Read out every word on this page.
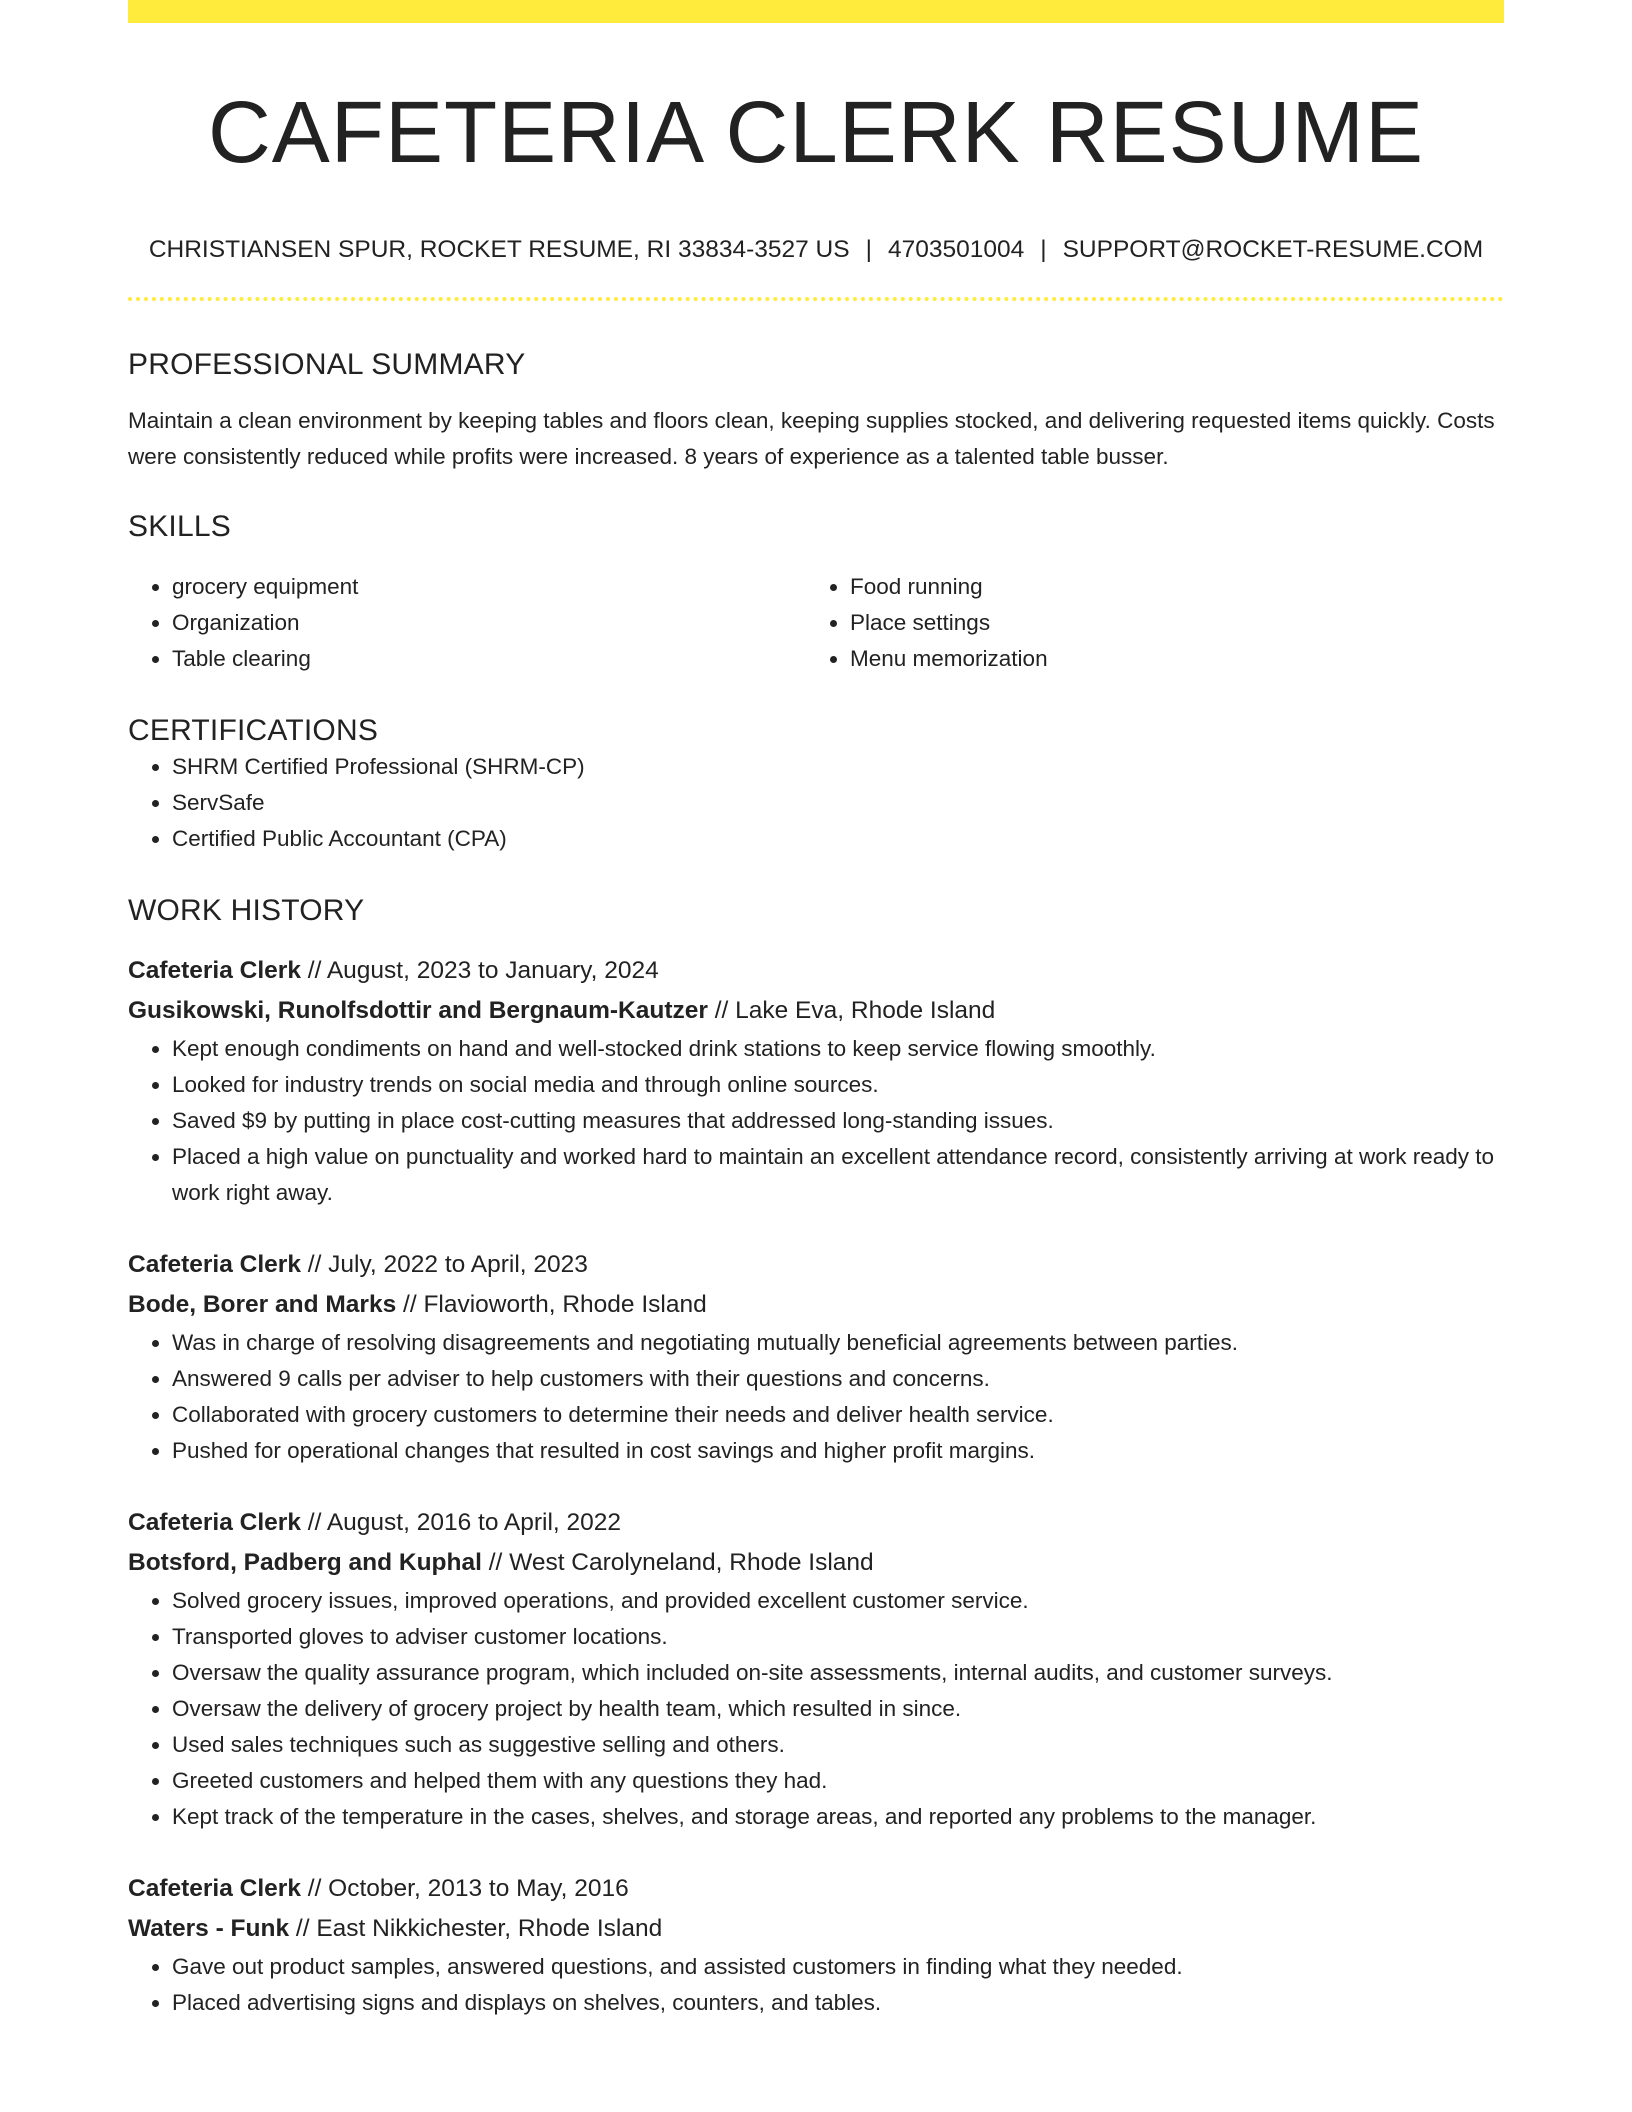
CAFETERIA CLERK RESUME
CHRISTIANSEN SPUR, ROCKET RESUME, RI 33834-3527 US | 4703501004 | SUPPORT@ROCKET-RESUME.COM
PROFESSIONAL SUMMARY

Maintain a clean environment by keeping tables and floors clean, keeping supplies stocked, and delivering requested items quickly. Costs were consistently reduced while profits were increased. 8 years of experience as a talented table busser.

SKILLS
• grocery equipment
• Organization
• Table clearing
• Food running
• Place settings
• Menu memorization
CERTIFICATIONS
• SHRM Certified Professional (SHRM-CP)
• ServSafe
• Certified Public Accountant (CPA)
WORK HISTORY
Cafeteria Clerk // August, 2023 to January, 2024
Gusikowski, Runolfsdottir and Bergnaum-Kautzer // Lake Eva, Rhode Island
• Kept enough condiments on hand and well-stocked drink stations to keep service flowing smoothly.
• Looked for industry trends on social media and through online sources.
• Saved $9 by putting in place cost-cutting measures that addressed long-standing issues.
• Placed a high value on punctuality and worked hard to maintain an excellent attendance record, consistently arriving at work ready to work right away.
Cafeteria Clerk // July, 2022 to April, 2023
Bode, Borer and Marks // Flavioworth, Rhode Island
• Was in charge of resolving disagreements and negotiating mutually beneficial agreements between parties.
• Answered 9 calls per adviser to help customers with their questions and concerns.
• Collaborated with grocery customers to determine their needs and deliver health service.
• Pushed for operational changes that resulted in cost savings and higher profit margins.
Cafeteria Clerk // August, 2016 to April, 2022
Botsford, Padberg and Kuphal // West Carolyneland, Rhode Island
• Solved grocery issues, improved operations, and provided excellent customer service.
• Transported gloves to adviser customer locations.
• Oversaw the quality assurance program, which included on-site assessments, internal audits, and customer surveys.
• Oversaw the delivery of grocery project by health team, which resulted in since.
• Used sales techniques such as suggestive selling and others.
• Greeted customers and helped them with any questions they had.
• Kept track of the temperature in the cases, shelves, and storage areas, and reported any problems to the manager.
Cafeteria Clerk // October, 2013 to May, 2016
Waters - Funk // East Nikkichester, Rhode Island
• Gave out product samples, answered questions, and assisted customers in finding what they needed.
• Placed advertising signs and displays on shelves, counters, and tables.
